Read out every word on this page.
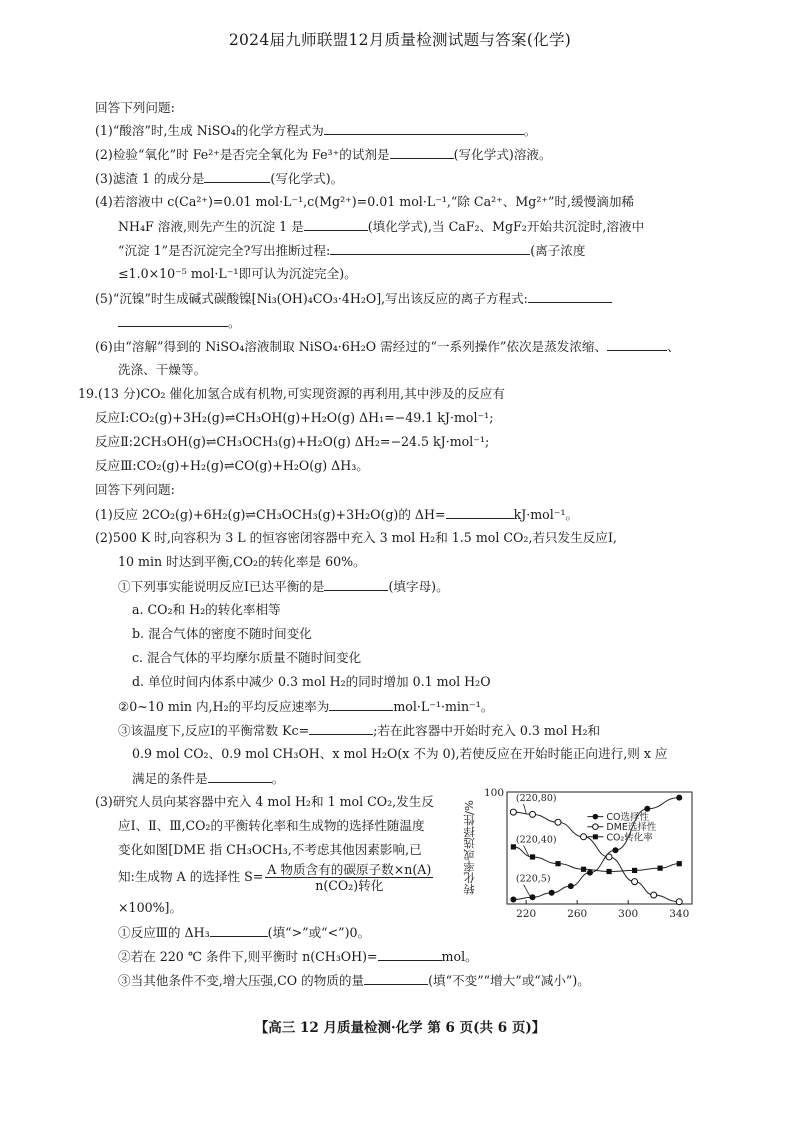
2024届九师联盟12月质量检测试题与答案(化学)
回答下列问题:
(1)“酸溶”时,生成 NiSO₄的化学方程式为	。
(2)检验“氧化”时 Fe²⁺是否完全氧化为 Fe³⁺的试剂是	(写化学式)溶液。
(3)滤渣 1 的成分是	(写化学式)。
(4)若溶液中 c(Ca²⁺)=0.01 mol·L⁻¹,c(Mg²⁺)=0.01 mol·L⁻¹,“除 Ca²⁺、Mg²⁺”时,缓慢滴加稀
NH₄F 溶液,则先产生的沉淀 1 是	(填化学式),当 CaF₂、MgF₂开始共沉淀时,溶液中
“沉淀 1”是否沉淀完全?写出推断过程:	(离子浓度
≤1.0×10⁻⁵ mol·L⁻¹即可认为沉淀完全)。
(5)“沉镍”时生成碱式碳酸镍[Ni₃(OH)₄CO₃·4H₂O],写出该反应的离子方程式:
。
(6)由“溶解”得到的 NiSO₄溶液制取 NiSO₄·6H₂O 需经过的“一系列操作”依次是蒸发浓缩、	、
洗涤、干燥等。
19.(13 分)CO₂ 催化加氢合成有机物,可实现资源的再利用,其中涉及的反应有
反应Ⅰ:CO₂(g)+3H₂(g)⇌CH₃OH(g)+H₂O(g) ΔH₁=−49.1 kJ·mol⁻¹;
反应Ⅱ:2CH₃OH(g)⇌CH₃OCH₃(g)+H₂O(g) ΔH₂=−24.5 kJ·mol⁻¹;
反应Ⅲ:CO₂(g)+H₂(g)⇌CO(g)+H₂O(g) ΔH₃。
回答下列问题:
(1)反应 2CO₂(g)+6H₂(g)⇌CH₃OCH₃(g)+3H₂O(g)的 ΔH=	kJ·mol⁻¹。
(2)500 K 时,向容积为 3 L 的恒容密闭容器中充入 3 mol H₂和 1.5 mol CO₂,若只发生反应Ⅰ,
10 min 时达到平衡,CO₂的转化率是 60%。
①下列事实能说明反应Ⅰ已达平衡的是	(填字母)。
a. CO₂和 H₂的转化率相等
b. 混合气体的密度不随时间变化
c. 混合气体的平均摩尔质量不随时间变化
d. 单位时间内体系中减少 0.3 mol H₂的同时增加 0.1 mol H₂O
②0~10 min 内,H₂的平均反应速率为	mol·L⁻¹·min⁻¹。
③该温度下,反应Ⅰ的平衡常数 Kc=	;若在此容器中开始时充入 0.3 mol H₂和
0.9 mol CO₂、0.9 mol CH₃OH、x mol H₂O(x 不为 0),若使反应在开始时能正向进行,则 x 应
满足的条件是	。
(3)研究人员向某容器中充入 4 mol H₂和 1 mol CO₂,发生反
应Ⅰ、Ⅱ、Ⅲ,CO₂的平衡转化率和生成物的选择性随温度
变化如图[DME 指 CH₃OCH₃,不考虑其他因素影响,已
知:生成物 A 的选择性 $S= \frac{\text{A 物质含有的碳原子数×n(A)}}{\text{n(CO₂)转化}}$
×100%]。
①反应Ⅲ的 ΔH₃	(填“>”或“<”)0。
②若在 220 ℃ 条件下,则平衡时 n(CH₃OH)=	mol。
③当其他条件不变,增大压强,CO 的物质的量	(填“不变”“增大”或“减小”)。
转化率或选择性/%
220	260	300	340
100
CO选择性
DME选择性
CO₂转化率
(220,80)
(220,40)
(220,5)
【高三 12 月质量检测·化学 第 6 页(共 6 页)】
